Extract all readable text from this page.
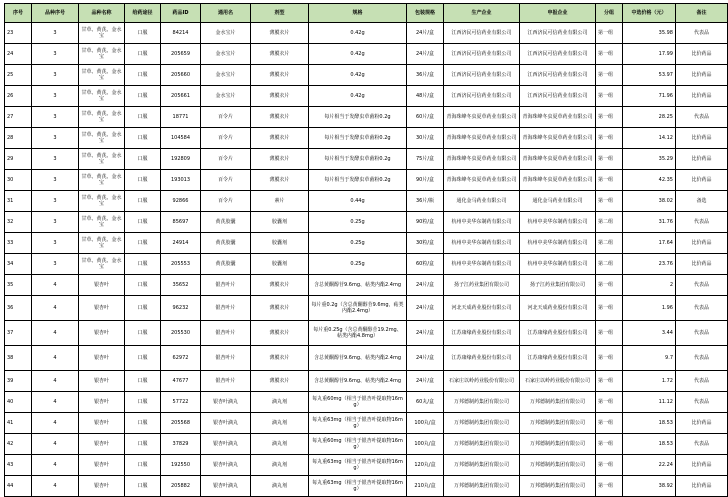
序号	品种序号	品种名称	给药途径	药品ID	通用名	剂型	规格	包装规格	生产企业	申报企业	分组	中选价格（元）	备注
23	3	甘草、黄芪、金水宝	口服	84214	金水宝片	薄膜衣片	0.42g	24片/盒	江西济民可信药业有限公司	江西济民可信药业有限公司	第一组	35.98	代表品
24	3	甘草、黄芪、金水宝	口服	205659	金水宝片	薄膜衣片	0.42g	24片/盒	江西济民可信药业有限公司	江西济民可信药业有限公司	第一组	17.99	比价药品
25	3	甘草、黄芪、金水宝	口服	205660	金水宝片	薄膜衣片	0.42g	36片/盒	江西济民可信药业有限公司	江西济民可信药业有限公司	第一组	53.97	比价药品
26	3	甘草、黄芪、金水宝	口服	205661	金水宝片	薄膜衣片	0.42g	48片/盒	江西济民可信药业有限公司	江西济民可信药业有限公司	第一组	71.96	比价药品
27	3	甘草、黄芪、金水宝	口服	18771	百令片	薄膜衣片	每片相当于发酵虫草菌粉0.2g	60片/盒	青海珠峰冬虫夏草药业有限公司	青海珠峰冬虫夏草药业有限公司	第一组	28.25	代表品
28	3	甘草、黄芪、金水宝	口服	104584	百令片	薄膜衣片	每片相当于发酵虫草菌粉0.2g	30片/盒	青海珠峰冬虫夏草药业有限公司	青海珠峰冬虫夏草药业有限公司	第一组	14.12	比价药品
29	3	甘草、黄芪、金水宝	口服	192809	百令片	薄膜衣片	每片相当于发酵虫草菌粉0.2g	75片/盒	青海珠峰冬虫夏草药业有限公司	青海珠峰冬虫夏草药业有限公司	第一组	35.29	比价药品
30	3	甘草、黄芪、金水宝	口服	193013	百令片	薄膜衣片	每片相当于发酵虫草菌粉0.2g	90片/盒	青海珠峰冬虫夏草药业有限公司	青海珠峰冬虫夏草药业有限公司	第一组	42.35	比价药品
31	3	甘草、黄芪、金水宝	口服	92866	百令片	素片	0.44g	36片/瓶	通化金马药业有限公司	通化金马药业有限公司	第一组	38.02	备选
32	3	甘草、黄芪、金水宝	口服	85697	黄芪胶囊	胶囊剂	0.25g	90粒/盒	杭州中美华东制药有限公司	杭州中美华东制药有限公司	第二组	31.76	代表品
33	3	甘草、黄芪、金水宝	口服	24914	黄芪胶囊	胶囊剂	0.25g	30粒/盒	杭州中美华东制药有限公司	杭州中美华东制药有限公司	第二组	17.64	比价药品
34	3	甘草、黄芪、金水宝	口服	205553	黄芪胶囊	胶囊剂	0.25g	60粒/盒	杭州中美华东制药有限公司	杭州中美华东制药有限公司	第二组	23.76	比价药品
35	4	银杏叶	口服	35652	银杏叶片	薄膜衣片	含总黄酮醇苷9.6mg、萜类内酯2.4mg	24片/盒	扬子江药业集团有限公司	扬子江药业集团有限公司	第一组	2	代表品
36	4	银杏叶	口服	96232	银杏叶片	薄膜衣片	每片重0.2g（含总黄酮醇苷9.6mg，萜类内酯2.4mg）	24片/盒	河北天成药业股份有限公司	河北天成药业股份有限公司	第一组	1.96	代表品
37	4	银杏叶	口服	205530	银杏叶片	薄膜衣片	每片重0.25g（含总黄酮醇苷19.2mg、萜类内酯4.8mg）	24片/盒	江苏康缘药业股份有限公司	江苏康缘药业股份有限公司	第一组	3.44	代表品
38	4	银杏叶	口服	62972	银杏叶片	薄膜衣片	含总黄酮醇苷9.6mg、萜类内酯2.4mg	24片/盒	江苏康缘药业股份有限公司	江苏康缘药业股份有限公司	第一组	9.7	代表品
39	4	银杏叶	口服	47677	银杏叶片	薄膜衣片	含总黄酮醇苷9.6mg、萜类内酯2.4mg	24片/盒	石家庄以岭药业股份有限公司	石家庄以岭药业股份有限公司	第一组	1.72	代表品
40	4	银杏叶	口服	57722	银杏叶滴丸	滴丸剂	每丸重60mg（相当于银杏叶提取物16mg）	60丸/盒	万邦德制药集团有限公司	万邦德制药集团有限公司	第一组	11.12	代表品
41	4	银杏叶	口服	205568	银杏叶滴丸	滴丸剂	每丸重63mg（相当于银杏叶提取物16mg）	100丸/盒	万邦德制药集团有限公司	万邦德制药集团有限公司	第一组	18.53	比价药品
42	4	银杏叶	口服	37829	银杏叶滴丸	滴丸剂	每丸重60mg（相当于银杏叶提取物16mg）	100丸/盒	万邦德制药集团有限公司	万邦德制药集团有限公司	第一组	18.53	代表品
43	4	银杏叶	口服	192550	银杏叶滴丸	滴丸剂	每丸重63mg（相当于银杏叶提取物16mg）	120丸/盒	万邦德制药集团有限公司	万邦德制药集团有限公司	第一组	22.24	比价药品
44	4	银杏叶	口服	205882	银杏叶滴丸	滴丸剂	每丸重63mg（相当于银杏叶提取物16mg）	210丸/盒	万邦德制药集团有限公司	万邦德制药集团有限公司	第一组	38.92	比价药品
